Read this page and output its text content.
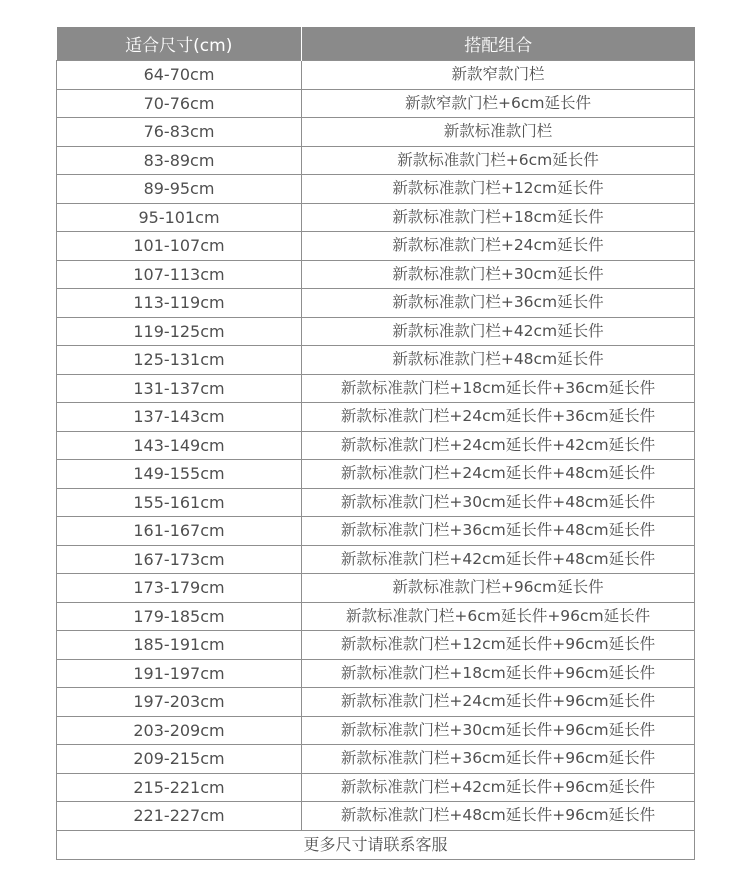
适合尺寸(cm)	搭配组合
64-70cm	新款窄款门栏
70-76cm	新款窄款门栏+6cm延长件
76-83cm	新款标准款门栏
83-89cm	新款标准款门栏+6cm延长件
89-95cm	新款标准款门栏+12cm延长件
95-101cm	新款标准款门栏+18cm延长件
101-107cm	新款标准款门栏+24cm延长件
107-113cm	新款标准款门栏+30cm延长件
113-119cm	新款标准款门栏+36cm延长件
119-125cm	新款标准款门栏+42cm延长件
125-131cm	新款标准款门栏+48cm延长件
131-137cm	新款标准款门栏+18cm延长件+36cm延长件
137-143cm	新款标准款门栏+24cm延长件+36cm延长件
143-149cm	新款标准款门栏+24cm延长件+42cm延长件
149-155cm	新款标准款门栏+24cm延长件+48cm延长件
155-161cm	新款标准款门栏+30cm延长件+48cm延长件
161-167cm	新款标准款门栏+36cm延长件+48cm延长件
167-173cm	新款标准款门栏+42cm延长件+48cm延长件
173-179cm	新款标准款门栏+96cm延长件
179-185cm	新款标准款门栏+6cm延长件+96cm延长件
185-191cm	新款标准款门栏+12cm延长件+96cm延长件
191-197cm	新款标准款门栏+18cm延长件+96cm延长件
197-203cm	新款标准款门栏+24cm延长件+96cm延长件
203-209cm	新款标准款门栏+30cm延长件+96cm延长件
209-215cm	新款标准款门栏+36cm延长件+96cm延长件
215-221cm	新款标准款门栏+42cm延长件+96cm延长件
221-227cm	新款标准款门栏+48cm延长件+96cm延长件
更多尺寸请联系客服	
